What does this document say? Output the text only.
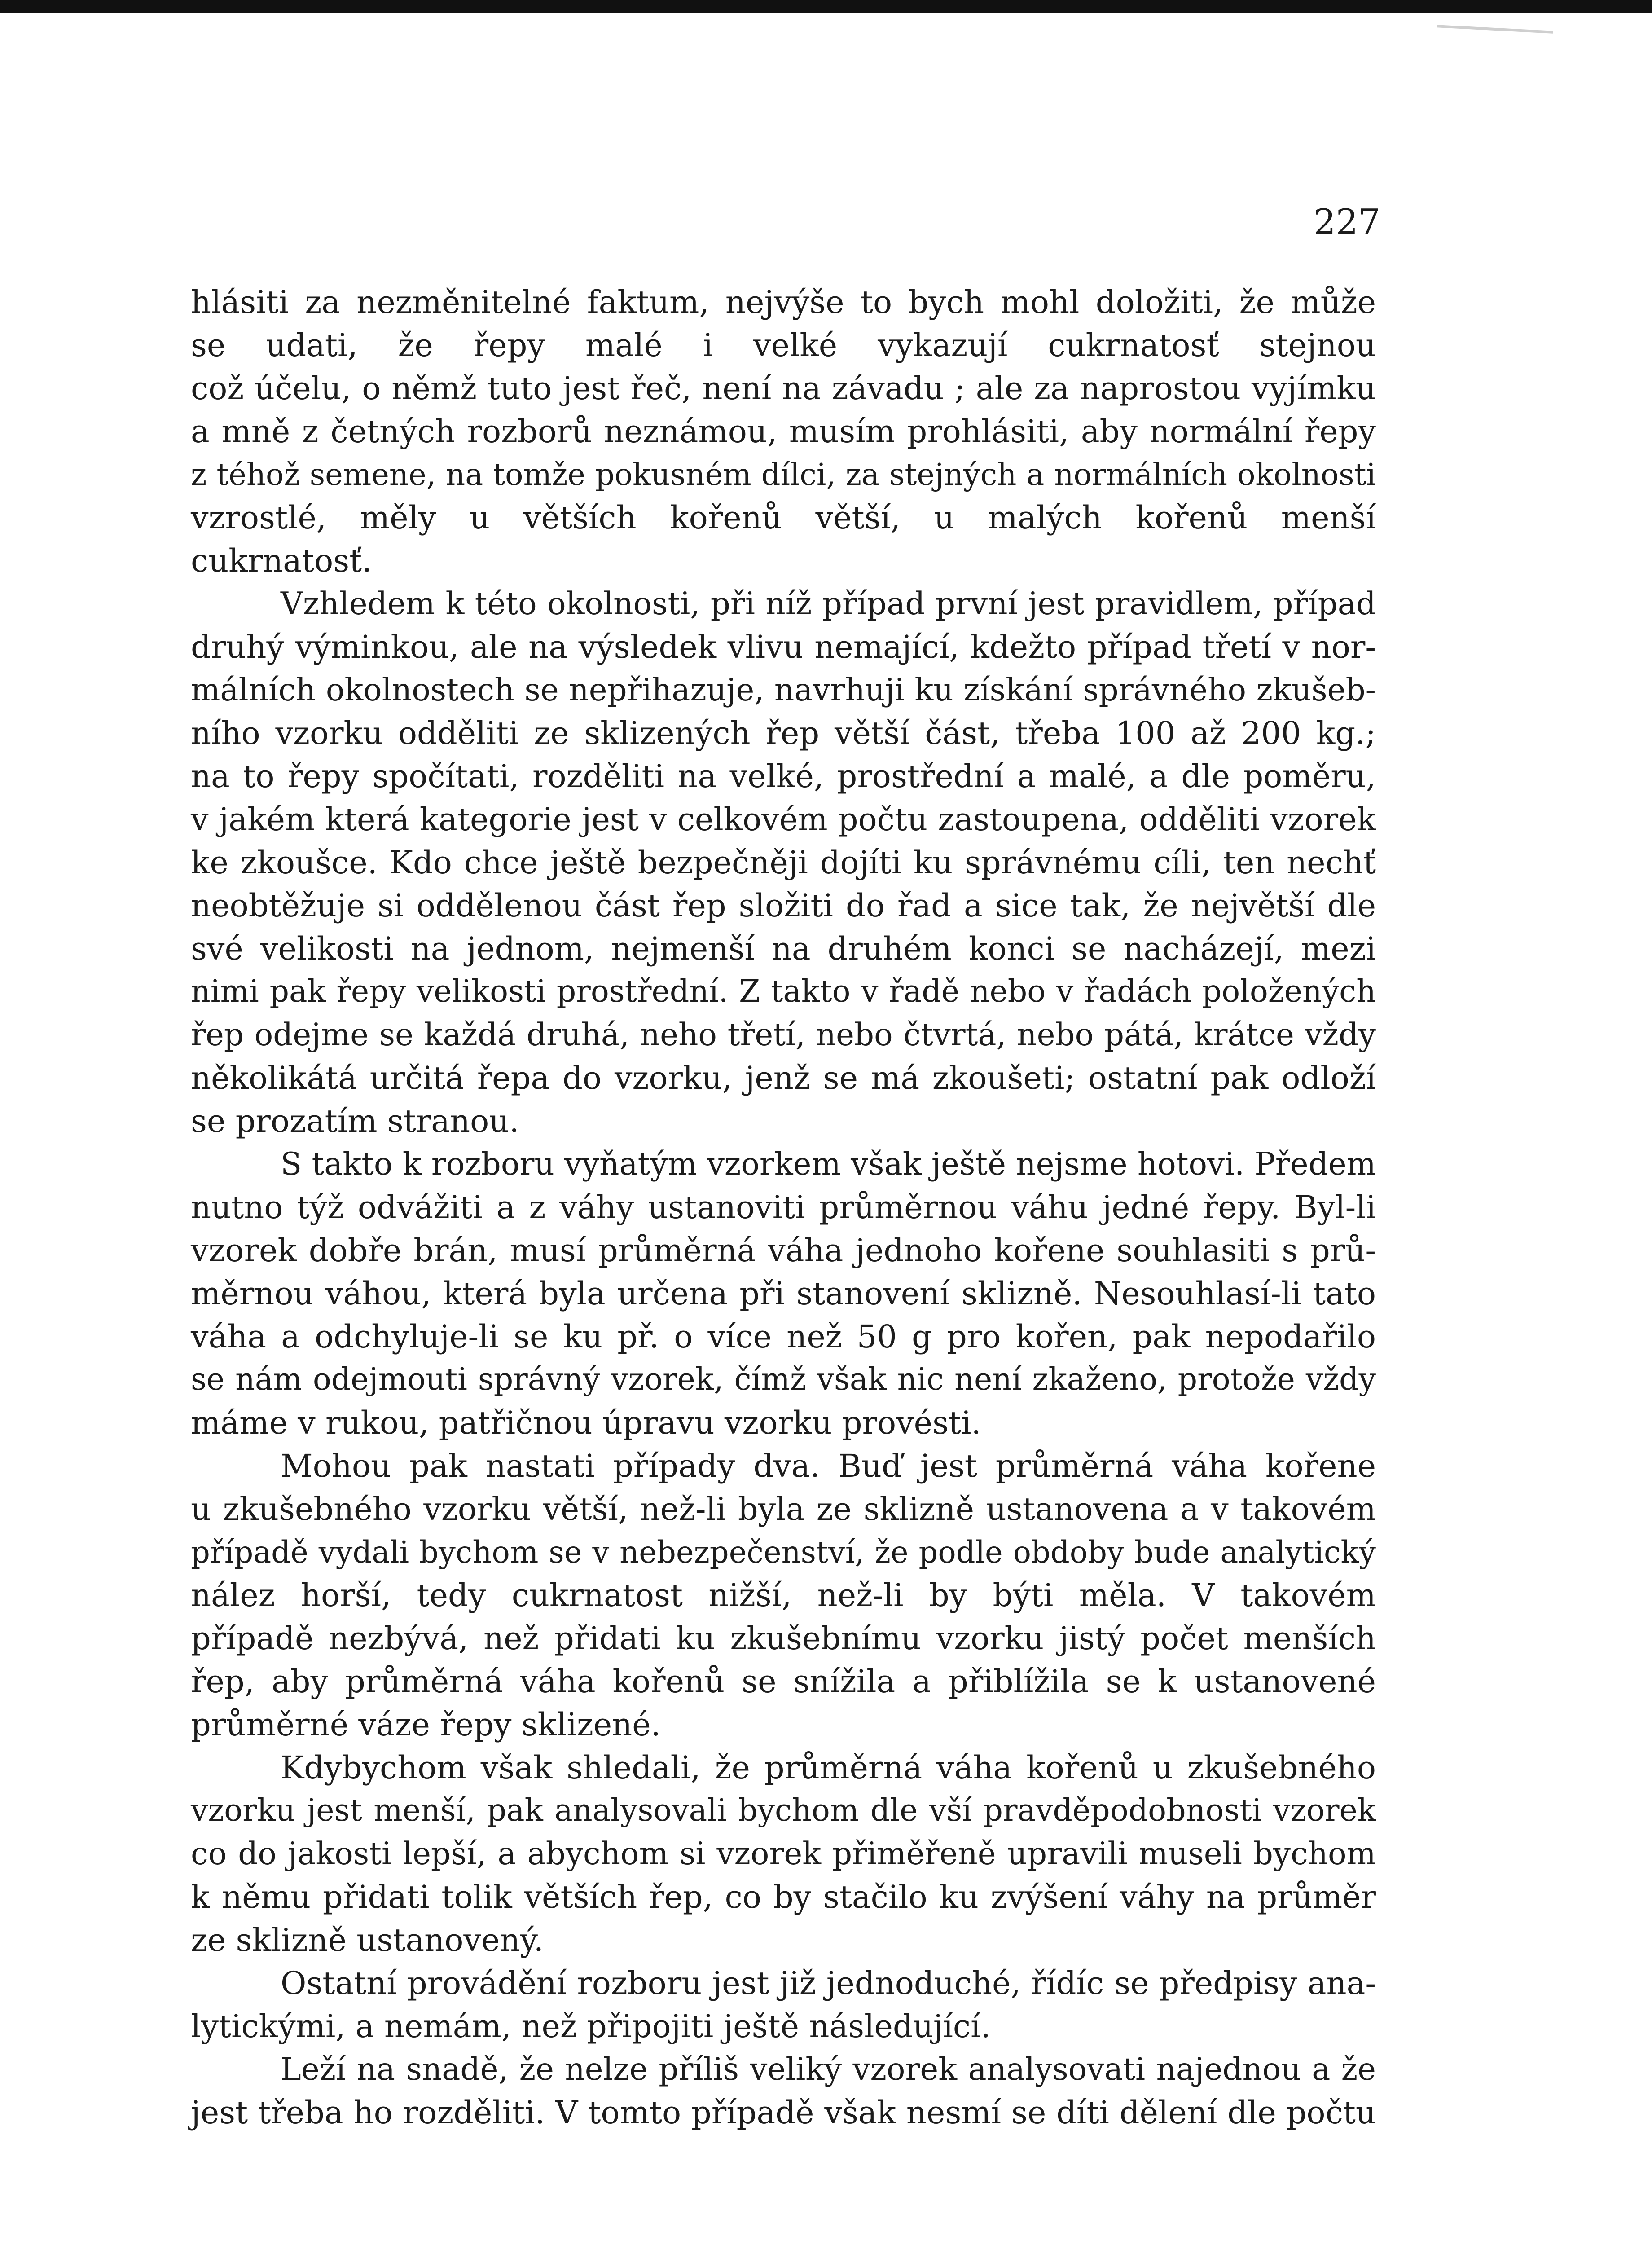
227
hlásiti za nezměnitelné faktum, nejvýše to bych mohl doložiti, že může
se udati, že řepy malé i velké vykazují cukrnatosť stejnou
což účelu, o němž tuto jest řeč, není na závadu ; ale za naprostou vyjímku
a mně z četných rozborů neznámou, musím prohlásiti, aby normální řepy
z téhož semene, na tomže pokusném dílci, za stejných a normálních okolnosti
vzrostlé, měly u větších kořenů větší, u malých kořenů menší
cukrnatosť.
Vzhledem k této okolnosti, při níž případ první jest pravidlem, případ
druhý výminkou, ale na výsledek vlivu nemající, kdežto případ třetí v nor-
málních okolnostech se nepřihazuje, navrhuji ku získání správného zkušeb-
ního vzorku odděliti ze sklizených řep větší část, třeba 100 až 200 kg.;
na to řepy spočítati, rozděliti na velké, prostřední a malé, a dle poměru,
v jakém která kategorie jest v celkovém počtu zastoupena, odděliti vzorek
ke zkoušce. Kdo chce ještě bezpečněji dojíti ku správnému cíli, ten nechť
neobtěžuje si oddělenou část řep složiti do řad a sice tak, že největší dle
své velikosti na jednom, nejmenší na druhém konci se nacházejí, mezi
nimi pak řepy velikosti prostřední. Z takto v řadě nebo v řadách položených
řep odejme se každá druhá, neho třetí, nebo čtvrtá, nebo pátá, krátce vždy
několikátá určitá řepa do vzorku, jenž se má zkoušeti; ostatní pak odloží
se prozatím stranou.
S takto k rozboru vyňatým vzorkem však ještě nejsme hotovi. Předem
nutno týž odvážiti a z váhy ustanoviti průměrnou váhu jedné řepy. Byl-li
vzorek dobře brán, musí průměrná váha jednoho kořene souhlasiti s prů-
měrnou váhou, která byla určena při stanovení sklizně. Nesouhlasí-li tato
váha a odchyluje-li se ku př. o více než 50 g pro kořen, pak nepodařilo
se nám odejmouti správný vzorek, čímž však nic není zkaženo, protože vždy
máme v rukou, patřičnou úpravu vzorku provésti.
Mohou pak nastati případy dva. Buď jest průměrná váha kořene
u zkušebného vzorku větší, než-li byla ze sklizně ustanovena a v takovém
případě vydali bychom se v nebezpečenství, že podle obdoby bude analytický
nález horší, tedy cukrnatost nižší, než-li by býti měla. V takovém
případě nezbývá, než přidati ku zkušebnímu vzorku jistý počet menších
řep, aby průměrná váha kořenů se snížila a přiblížila se k ustanovené
průměrné váze řepy sklizené.
Kdybychom však shledali, že průměrná váha kořenů u zkušebného
vzorku jest menší, pak analysovali bychom dle vší pravděpodobnosti vzorek
co do jakosti lepší, a abychom si vzorek přiměřeně upravili museli bychom
k němu přidati tolik větších řep, co by stačilo ku zvýšení váhy na průměr
ze sklizně ustanovený.
Ostatní provádění rozboru jest již jednoduché, řídíc se předpisy ana-
lytickými, a nemám, než připojiti ještě následující.
Leží na snadě, že nelze příliš veliký vzorek analysovati najednou a že
jest třeba ho rozděliti. V tomto případě však nesmí se díti dělení dle počtu
